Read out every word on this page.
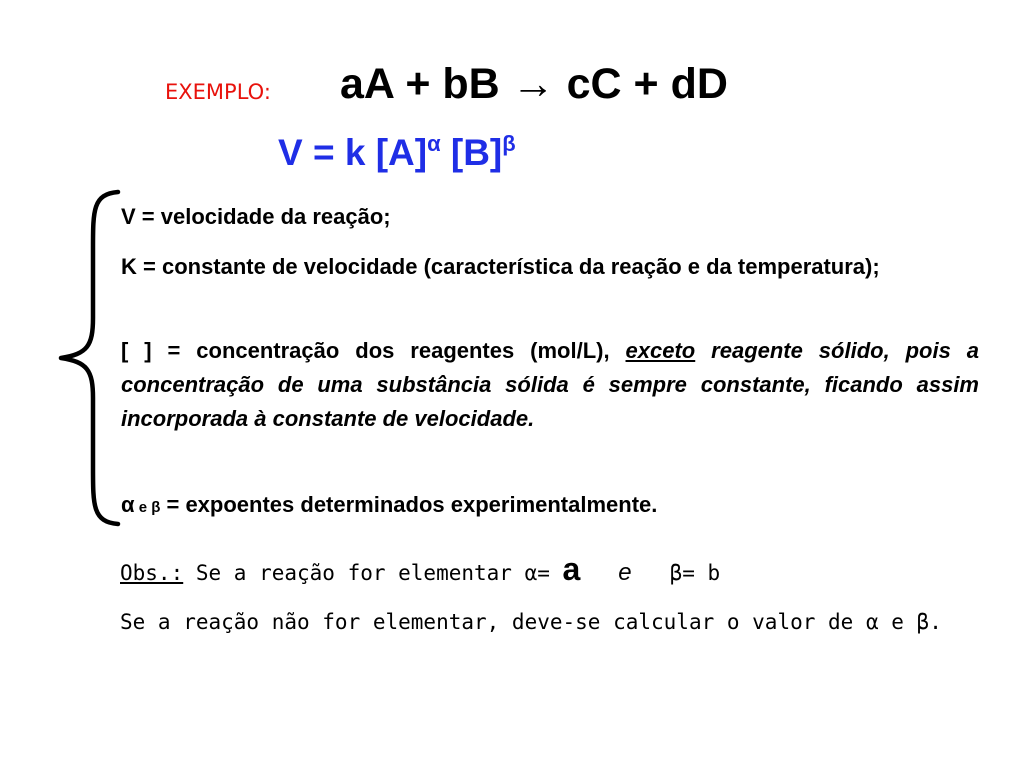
EXEMPLO: aA + bB → cC + dD
V = k $[A]^\alpha$ $[B]^\beta$
V = velocidade da reação;
K = constante de velocidade (característica da reação e da temperatura);
[ ] = concentração dos reagentes (mol/L), exceto reagente sólido, pois a concentração de uma substância sólida é sempre constante, ficando assim incorporada à constante de velocidade.
α e β = expoentes determinados experimentalmente.
Obs.: Se a reação for elementar α= a e β= b
Se a reação não for elementar, deve-se calcular o valor de α e β.
